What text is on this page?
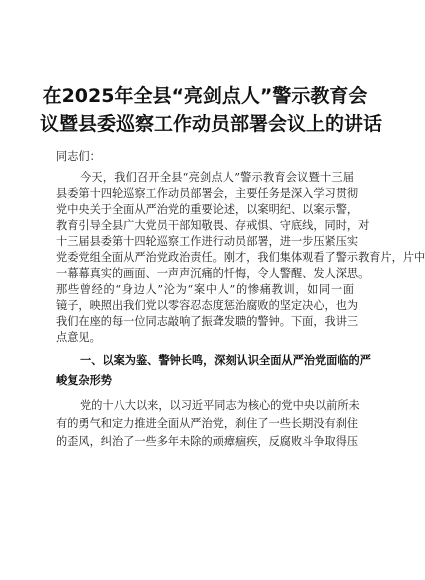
在2025年全县“亮剑点人”警示教育会
议暨县委巡察工作动员部署会议上的讲话
同志们：
今天，我们召开全县“亮剑点人”警示教育会议暨十三届
县委第十四轮巡察工作动员部署会，主要任务是深入学习贯彻
党中央关于全面从严治党的重要论述，以案明纪、以案示警，
教育引导全县广大党员干部知敬畏、存戒惧、守底线，同时，对
十三届县委第十四轮巡察工作进行动员部署，进一步压紧压实
党委党组全面从严治党政治责任。刚才，我们集体观看了警示教育片，片中
一幕幕真实的画面、一声声沉痛的忏悔，令人警醒、发人深思。
那些曾经的“身边人”沦为“案中人”的惨痛教训，如同一面
镜子，映照出我们党以零容忍态度惩治腐败的坚定决心，也为
我们在座的每一位同志敲响了振聋发聩的警钟。下面，我讲三
点意见。
一、以案为鉴、警钟长鸣，深刻认识全面从严治党面临的严
峻复杂形势
党的十八大以来，以习近平同志为核心的党中央以前所未
有的勇气和定力推进全面从严治党，刹住了一些长期没有刹住
的歪风，纠治了一些多年未除的顽瘴痼疾，反腐败斗争取得压
